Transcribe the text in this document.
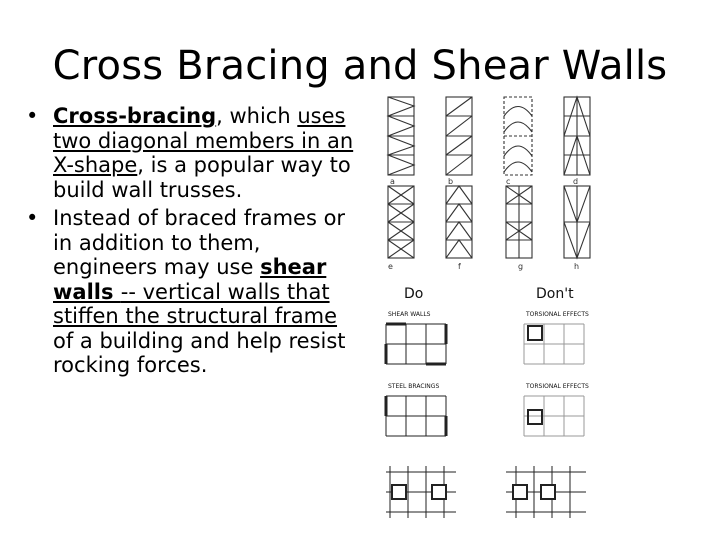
Cross Bracing and Shear Walls
• Cross-bracing, which uses two diagonal members in an X-shape, is a popular way to build wall trusses.
• Instead of braced frames or in addition to them, engineers may use shear walls -- vertical walls that stiffen the structural frame of a building and help resist rocking forces.
a	b	c	d
e	f	g	h
Do	Don't
SHEAR WALLS	TORSIONAL EFFECTS
STEEL BRACINGS	TORSIONAL EFFECTS
